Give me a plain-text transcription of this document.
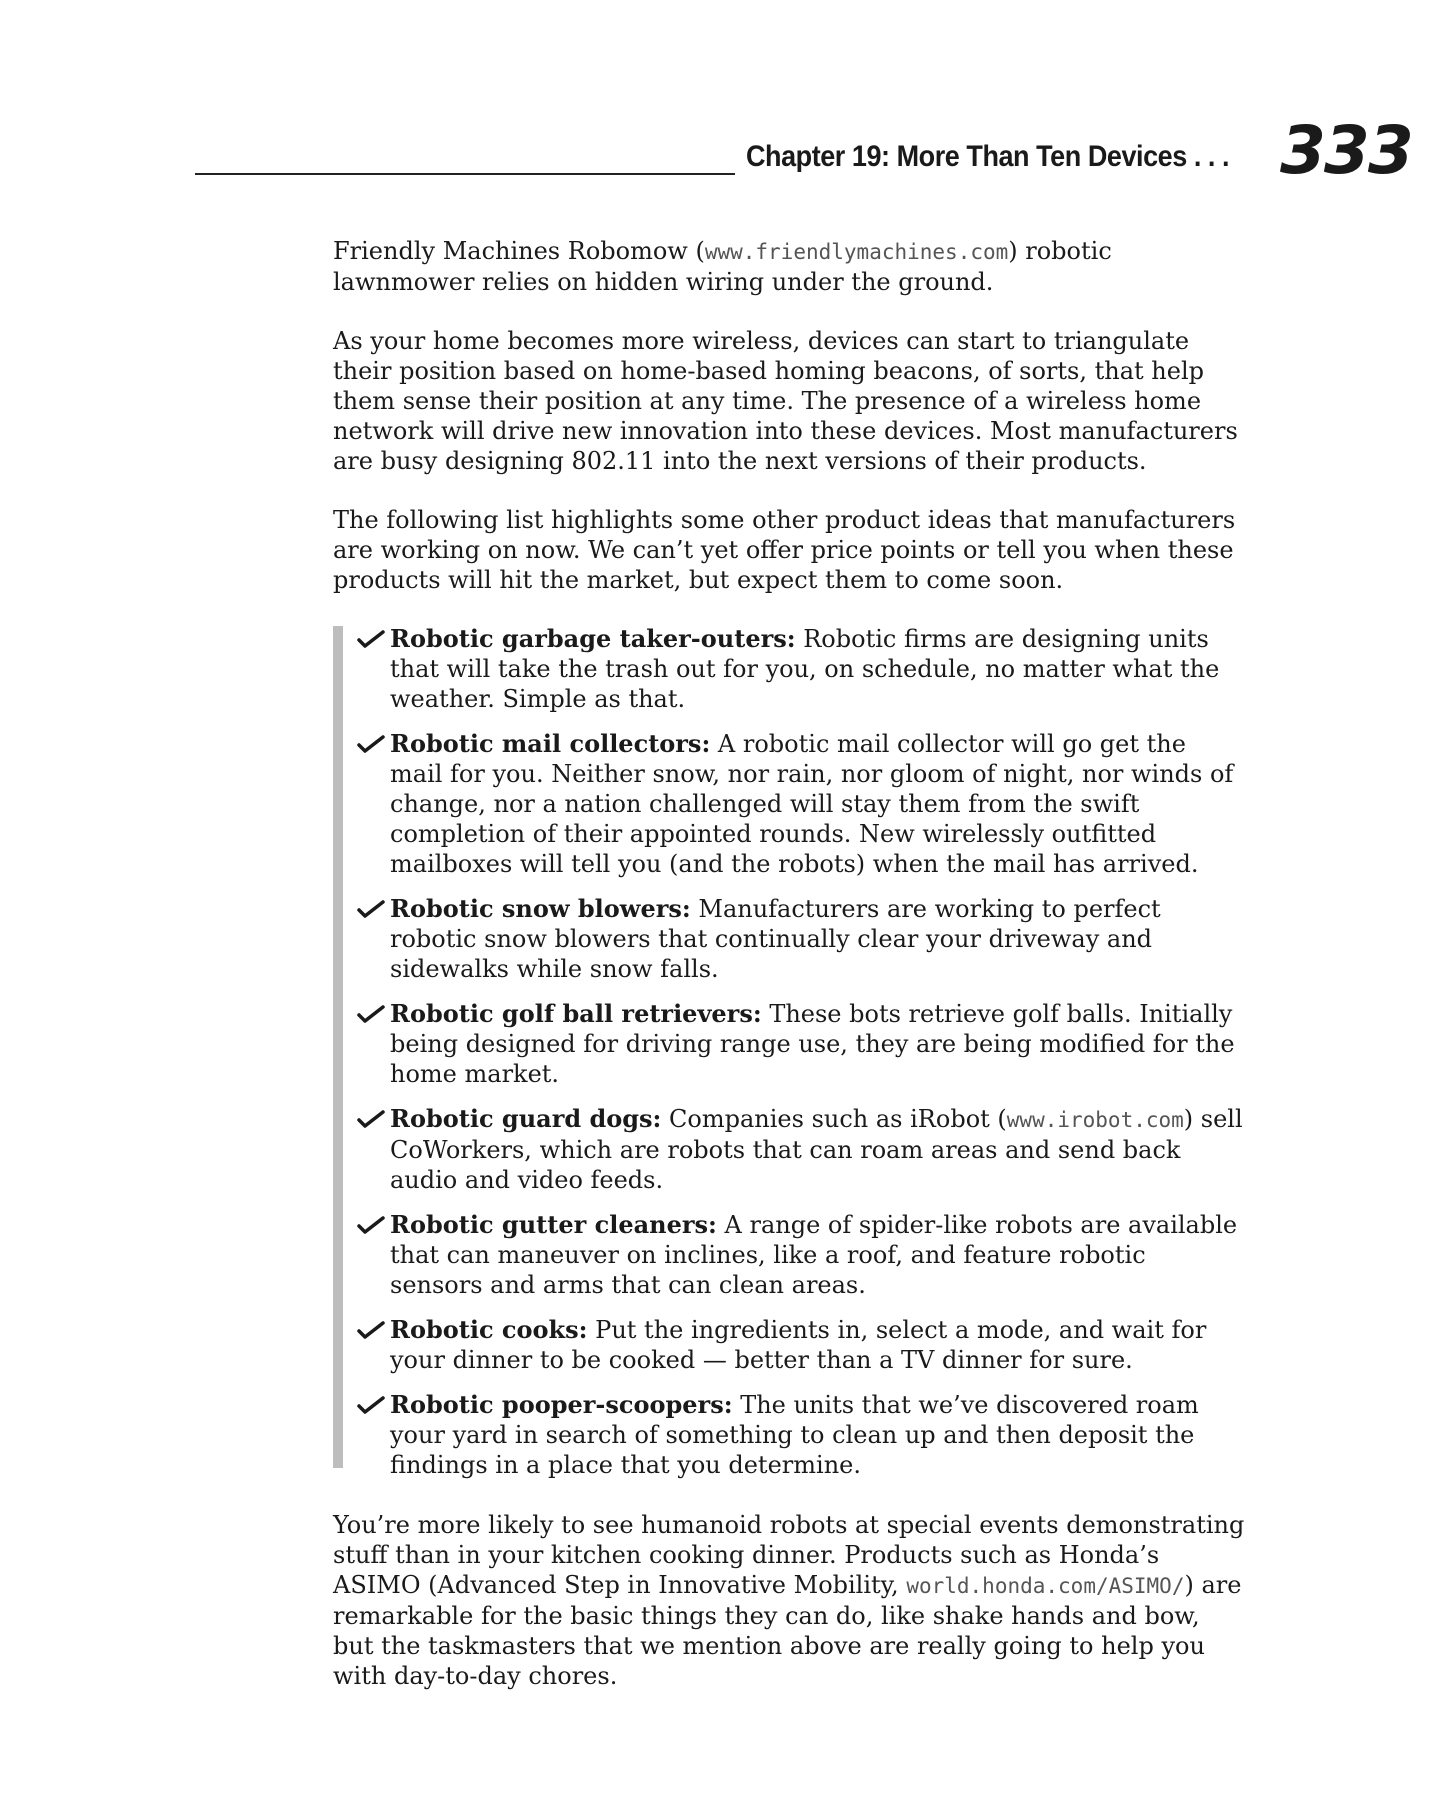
Chapter 19: More Than Ten Devices . . . 333

Friendly Machines Robomow (www.friendlymachines.com) robotic lawnmower relies on hidden wiring under the ground.

As your home becomes more wireless, devices can start to triangulate their position based on home-based homing beacons, of sorts, that help them sense their position at any time. The presence of a wireless home network will drive new innovation into these devices. Most manufacturers are busy designing 802.11 into the next versions of their products.

The following list highlights some other product ideas that manufacturers are working on now. We can’t yet offer price points or tell you when these products will hit the market, but expect them to come soon.

Robotic garbage taker-outers: Robotic firms are designing units that will take the trash out for you, on schedule, no matter what the weather. Simple as that.
Robotic mail collectors: A robotic mail collector will go get the mail for you. Neither snow, nor rain, nor gloom of night, nor winds of change, nor a nation challenged will stay them from the swift completion of their appointed rounds. New wirelessly outfitted mailboxes will tell you (and the robots) when the mail has arrived.
Robotic snow blowers: Manufacturers are working to perfect robotic snow blowers that continually clear your driveway and sidewalks while snow falls.
Robotic golf ball retrievers: These bots retrieve golf balls. Initially being designed for driving range use, they are being modified for the home market.
Robotic guard dogs: Companies such as iRobot (www.irobot.com) sell CoWorkers, which are robots that can roam areas and send back audio and video feeds.
Robotic gutter cleaners: A range of spider-like robots are available that can maneuver on inclines, like a roof, and feature robotic sensors and arms that can clean areas.
Robotic cooks: Put the ingredients in, select a mode, and wait for your dinner to be cooked — better than a TV dinner for sure.
Robotic pooper-scoopers: The units that we’ve discovered roam your yard in search of something to clean up and then deposit the findings in a place that you determine.

You’re more likely to see humanoid robots at special events demonstrating stuff than in your kitchen cooking dinner. Products such as Honda’s ASIMO (Advanced Step in Innovative Mobility, world.honda.com/ASIMO/) are remarkable for the basic things they can do, like shake hands and bow, but the taskmasters that we mention above are really going to help you with day-to-day chores.
